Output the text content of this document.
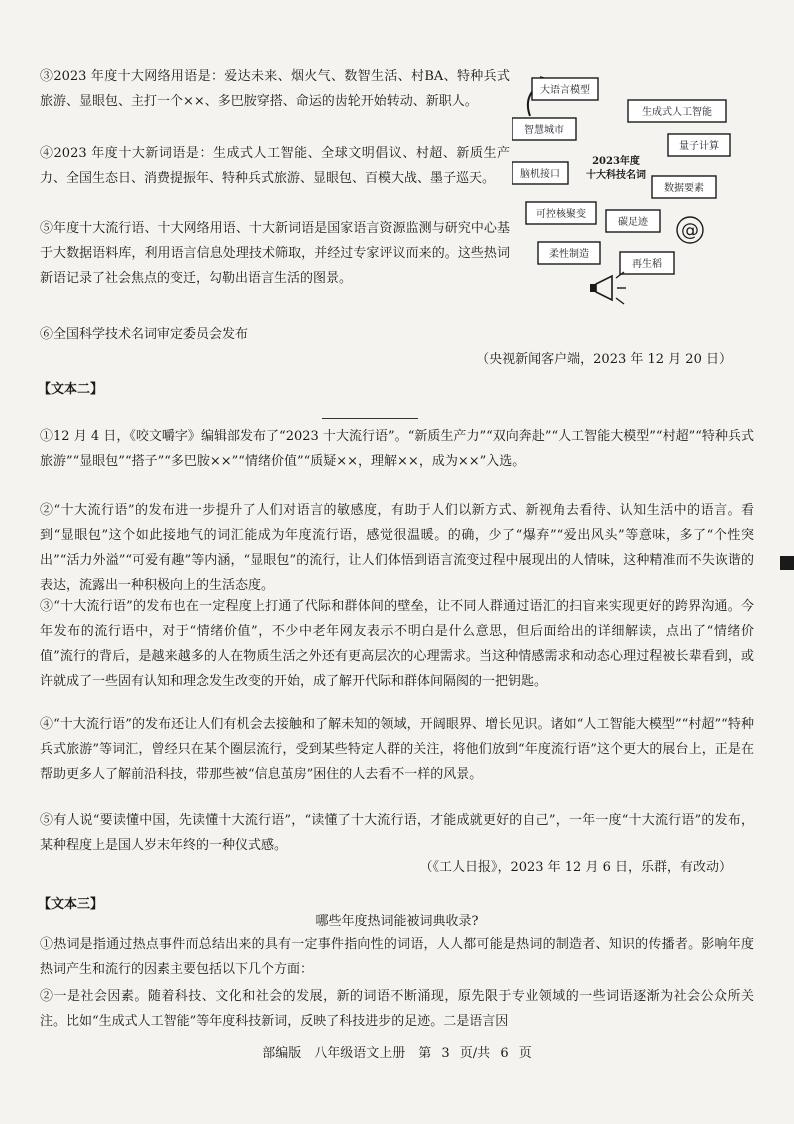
③2023 年度十大网络用语是：爱达未来、烟火气、数智生活、村BA、特种兵式旅游、显眼包、主打一个××、多巴胺穿搭、命运的齿轮开始转动、新职人。

④2023 年度十大新词语是：生成式人工智能、全球文明倡议、村超、新质生产力、全国生态日、消费提振年、特种兵式旅游、显眼包、百模大战、墨子巡天。

⑤年度十大流行语、十大网络用语、十大新词语是国家语言资源监测与研究中心基于大数据语料库，利用语言信息处理技术筛取，并经过专家评议而来的。这些热词新语记录了社会焦点的变迁，勾勒出语言生活的图景。

⑥全国科学技术名词审定委员会发布

大语言模型
生成式人工智能
智慧城市
量子计算
脑机接口
2023年度
十大科技名词
数据要素
可控核聚变
碳足迹 @
柔性制造
再生稻
（央视新闻客户端，2023 年 12 月 20 日）
【文本二】

①12 月 4 日，《咬文嚼字》编辑部发布了“2023 十大流行语”。“新质生产力”“双向奔赴”“人工智能大模型”“村超”“特种兵式旅游”“显眼包”“搭子”“多巴胺××”“情绪价值”“质疑××，理解××，成为××”入选。

②“十大流行语”的发布进一步提升了人们对语言的敏感度，有助于人们以新方式、新视角去看待、认知生活中的语言。看到“显眼包”这个如此接地气的词汇能成为年度流行语，感觉很温暖。的确，少了“爆弃”“爱出风头”等意味，多了“个性突出”“活力外溢”“可爱有趣”等内涵，“显眼包”的流行，让人们体悟到语言流变过程中展现出的人情味，这种精准而不失诙谐的表达，流露出一种积极向上的生活态度。

③“十大流行语”的发布也在一定程度上打通了代际和群体间的壁垒，让不同人群通过语汇的扫盲来实现更好的跨界沟通。今年发布的流行语中，对于“情绪价值”，不少中老年网友表示不明白是什么意思，但后面给出的详细解读，点出了“情绪价值”流行的背后，是越来越多的人在物质生活之外还有更高层次的心理需求。当这种情感需求和动态心理过程被长辈看到，或许就成了一些固有认知和理念发生改变的开始，成了解开代际和群体间隔阂的一把钥匙。

④“十大流行语”的发布还让人们有机会去接触和了解未知的领域，开阔眼界、增长见识。诸如“人工智能大模型”“村超”“特种兵式旅游”等词汇，曾经只在某个圈层流行，受到某些特定人群的关注，将他们放到“年度流行语”这个更大的展台上，正是在帮助更多人了解前沿科技，带那些被“信息茧房”困住的人去看不一样的风景。

⑤有人说“要读懂中国，先读懂十大流行语”，“读懂了十大流行语，才能成就更好的自己”，一年一度“十大流行语”的发布，某种程度上是国人岁末年终的一种仪式感。

（《工人日报》，2023 年 12 月 6 日，乐群，有改动）
【文本三】
哪些年度热词能被词典收录?

①热词是指通过热点事件而总结出来的具有一定事件指向性的词语，人人都可能是热词的制造者、知识的传播者。影响年度热词产生和流行的因素主要包括以下几个方面：

②一是社会因素。随着科技、文化和社会的发展，新的词语不断涌现，原先限于专业领域的一些词语逐渐为社会公众所关注。比如“生成式人工智能”等年度科技新词，反映了科技进步的足迹。二是语言因

部编版　八年级语文上册　第 3 页/共 6 页
